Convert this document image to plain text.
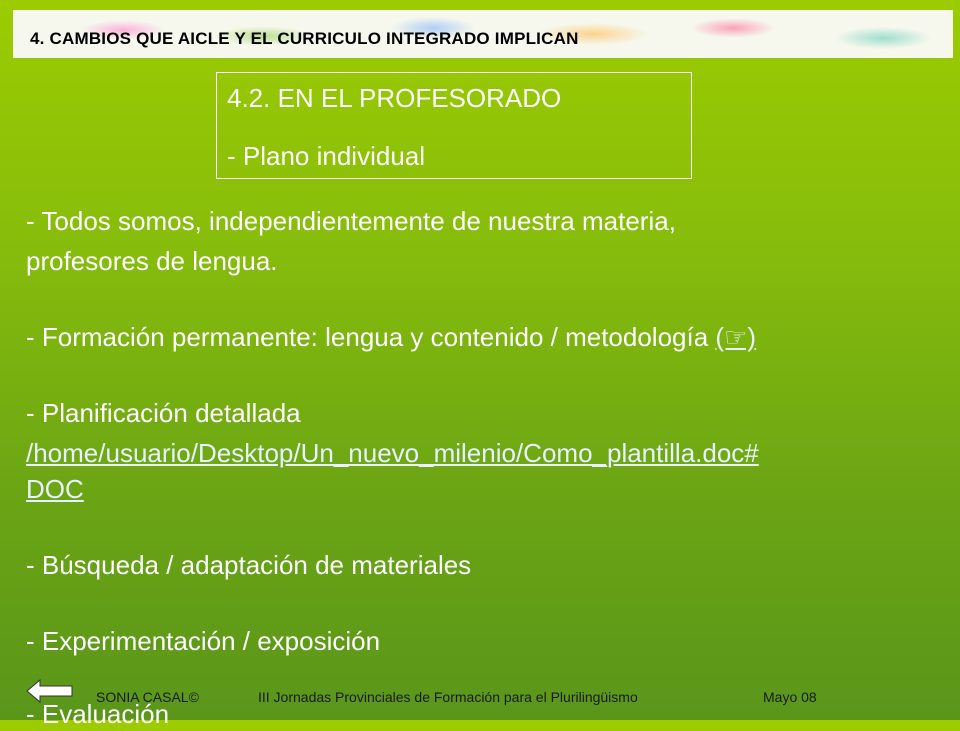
4. CAMBIOS QUE AICLE Y EL CURRICULO INTEGRADO IMPLICAN
4.2. EN EL PROFESORADO
- Plano individual
- Todos somos, independientemente de nuestra materia,
profesores de lengua.
- Formación permanente: lengua y contenido / metodología (☞)
- Planificación detallada
/home/usuario/Desktop/Un_nuevo_milenio/Como_plantilla.doc#
DOC
- Búsqueda / adaptación de materiales
- Experimentación / exposición
- Evaluación
SONIA CASAL©	III Jornadas Provinciales de Formación para el Plurilingüismo	Mayo 08
